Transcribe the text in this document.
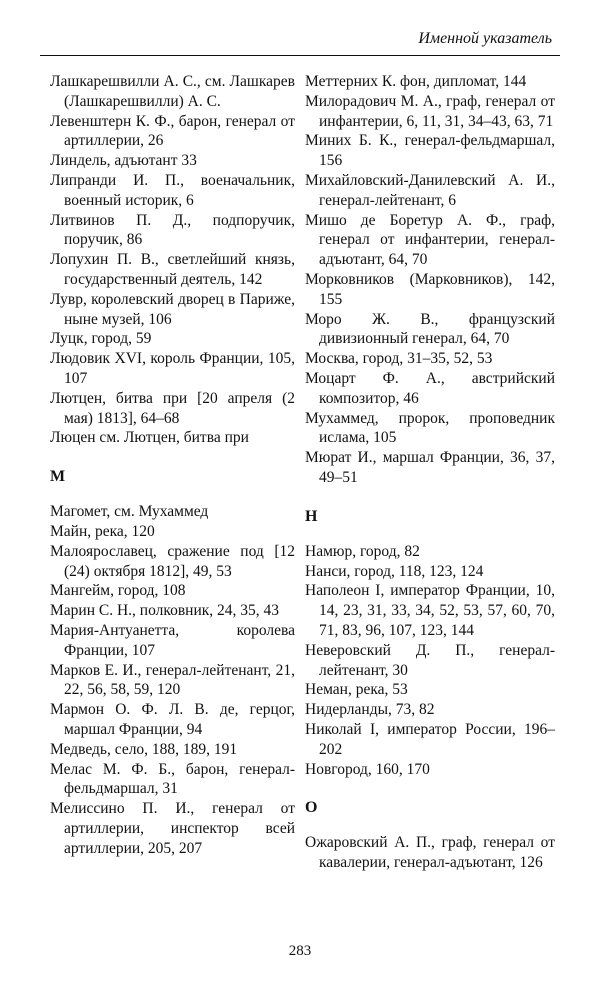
Именной указатель
Лашкарешвилли А. С., см. Лашкарев (Лашкарешвилли) А. С.
Левенштерн К. Ф., барон, генерал от артиллерии, 26
Линдель, адъютант 33
Липранди И. П., военачальник, военный историк, 6
Литвинов П. Д., подпоручик, поручик, 86
Лопухин П. В., светлейший князь, государственный деятель, 142
Лувр, королевский дворец в Париже, ныне музей, 106
Луцк, город, 59
Людовик XVI, король Франции, 105, 107
Лютцен, битва при [20 апреля (2 мая) 1813], 64–68
Люцен см. Лютцен, битва при
М
Магомет, см. Мухаммед
Майн, река, 120
Малоярославец, сражение под [12 (24) октября 1812], 49, 53
Мангейм, город, 108
Марин С. Н., полковник, 24, 35, 43
Мария-Антуанетта, королева Франции, 107
Марков Е. И., генерал-лейтенант, 21, 22, 56, 58, 59, 120
Мармон О. Ф. Л. В. де, герцог, маршал Франции, 94
Медведь, село, 188, 189, 191
Мелас М. Ф. Б., барон, генерал-фельдмаршал, 31
Мелиссино П. И., генерал от артиллерии, инспектор всей артиллерии, 205, 207
Меттерних К. фон, дипломат, 144
Милорадович М. А., граф, генерал от инфантерии, 6, 11, 31, 34–43, 63, 71
Миних Б. К., генерал-фельдмаршал, 156
Михайловский-Данилевский А. И., генерал-лейтенант, 6
Мишо де Боретур А. Ф., граф, генерал от инфантерии, генерал-адъютант, 64, 70
Морковников (Марковников), 142, 155
Моро Ж. В., французский дивизионный генерал, 64, 70
Москва, город, 31–35, 52, 53
Моцарт Ф. А., австрийский композитор, 46
Мухаммед, пророк, проповедник ислама, 105
Мюрат И., маршал Франции, 36, 37, 49–51
Н
Намюр, город, 82
Нанси, город, 118, 123, 124
Наполеон I, император Франции, 10, 14, 23, 31, 33, 34, 52, 53, 57, 60, 70, 71, 83, 96, 107, 123, 144
Неверовский Д. П., генерал-лейтенант, 30
Неман, река, 53
Нидерланды, 73, 82
Николай I, император России, 196–202
Новгород, 160, 170
О
Ожаровский А. П., граф, генерал от кавалерии, генерал-адъютант, 126
283
